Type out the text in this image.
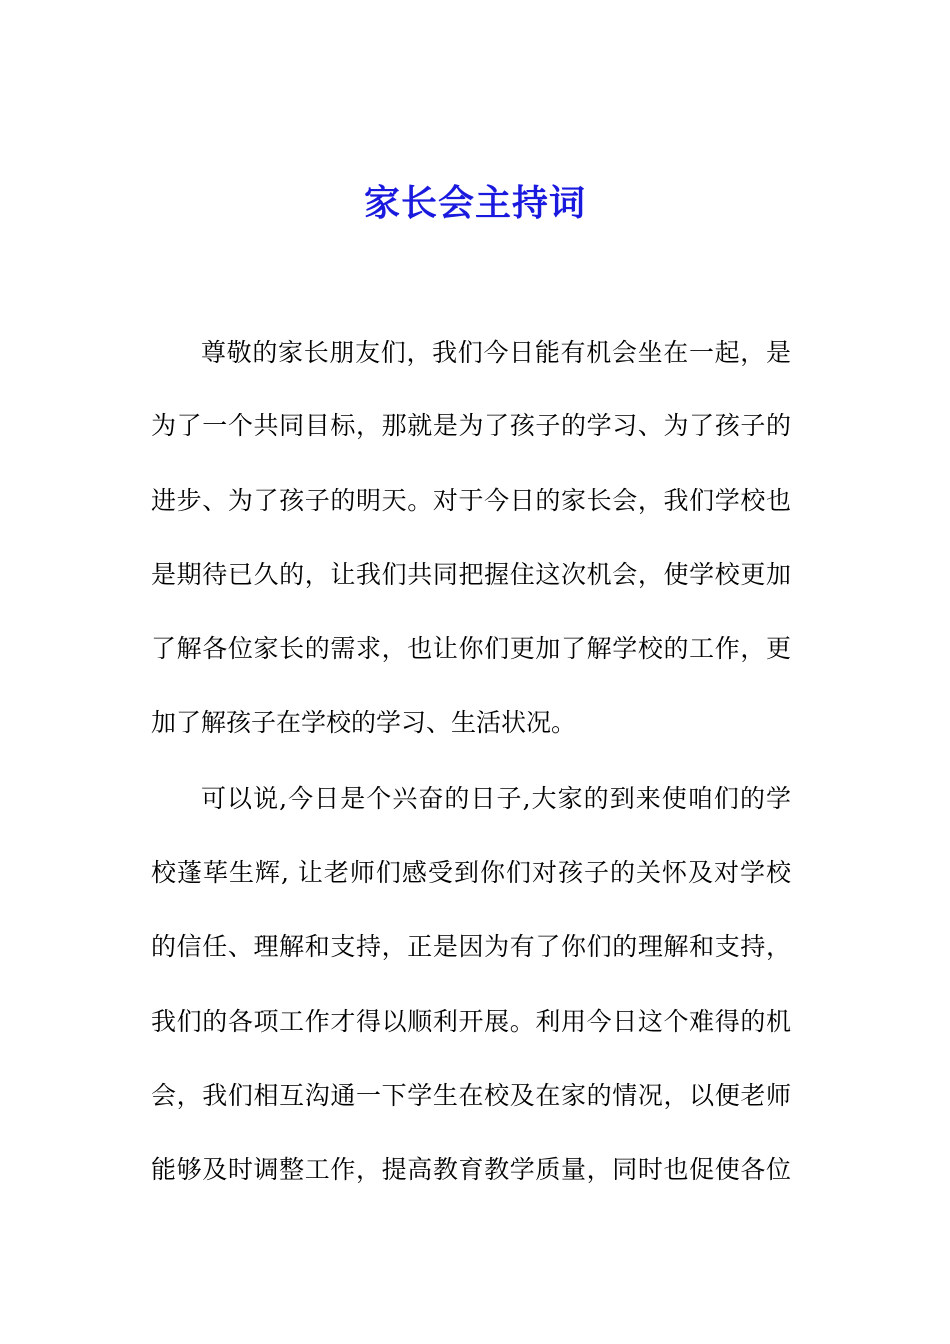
家长会主持词
尊敬的家长朋友们，我们今日能有机会坐在一起，是
为了一个共同目标，那就是为了孩子的学习、为了孩子的
进步、为了孩子的明天。对于今日的家长会，我们学校也
是期待已久的，让我们共同把握住这次机会，使学校更加
了解各位家长的需求，也让你们更加了解学校的工作，更
加了解孩子在学校的学习、生活状况。
可以说,今日是个兴奋的日子,大家的到来使咱们的学
校蓬荜生辉, 让老师们感受到你们对孩子的关怀及对学校
的信任、理解和支持，正是因为有了你们的理解和支持，
我们的各项工作才得以顺利开展。利用今日这个难得的机
会，我们相互沟通一下学生在校及在家的情况，以便老师
能够及时调整工作，提高教育教学质量，同时也促使各位
